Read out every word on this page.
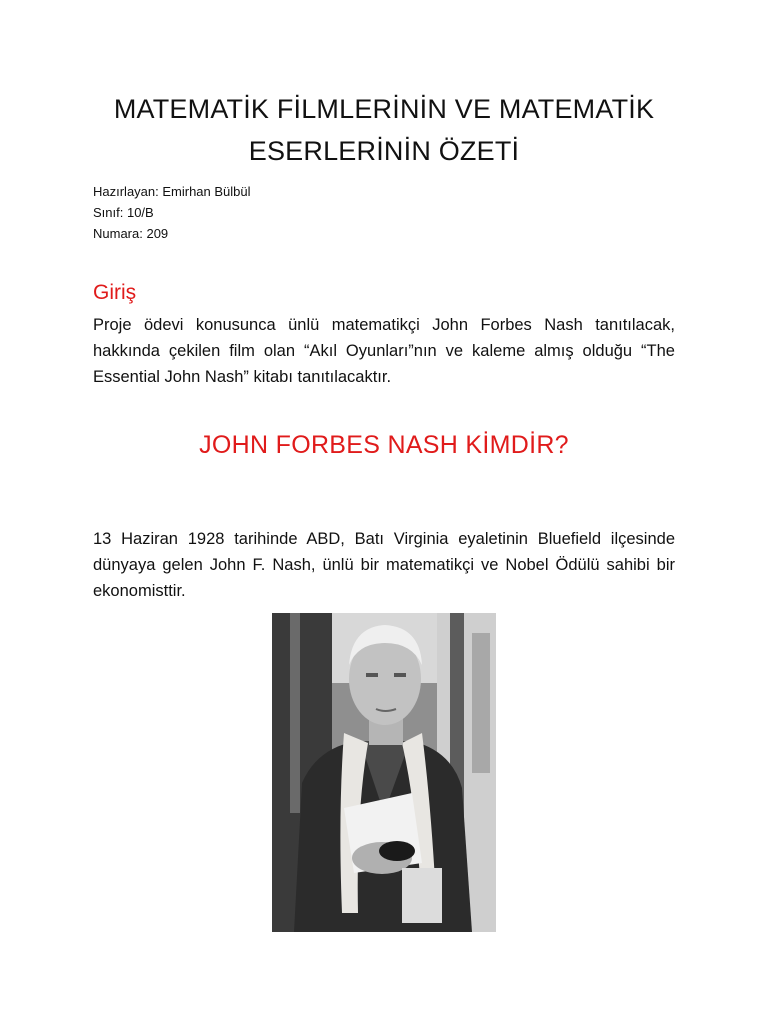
MATEMATİK FİLMLERİNİN VE MATEMATİK
ESERLERİNİN ÖZETİ
Hazırlayan: Emirhan Bülbül
Sınıf: 10/B
Numara: 209
Giriş
Proje ödevi konusunca ünlü matematikçi John Forbes Nash tanıtılacak, hakkında çekilen film olan “Akıl Oyunları”nın ve kaleme almış olduğu “The Essential John Nash” kitabı tanıtılacaktır.
JOHN FORBES NASH KİMDİR?
13 Haziran 1928 tarihinde ABD, Batı Virginia eyaletinin Bluefield ilçesinde dünyaya gelen John F. Nash, ünlü bir matematikçi ve Nobel Ödülü sahibi bir ekonomisttir.
